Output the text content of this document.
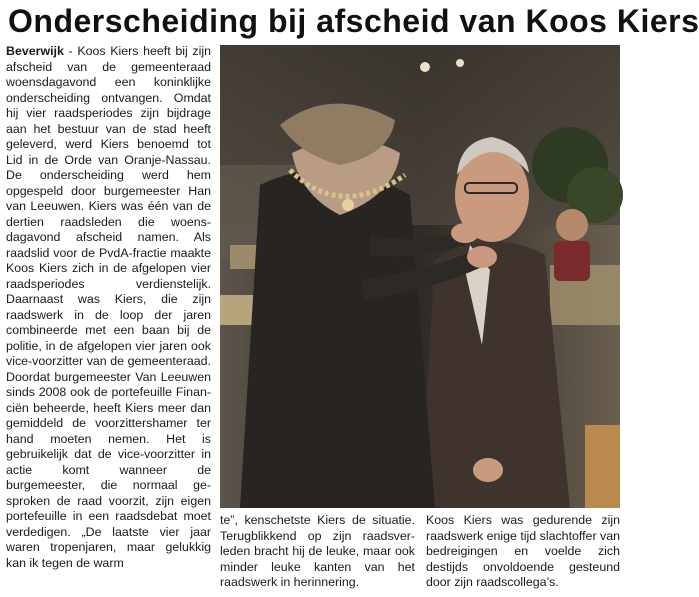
Onderscheiding bij afscheid van Koos Kiers

Beverwijk - Koos Kiers heeft bij zijn afscheid van de gemeenteraad woensdagavond een koninklijke onderscheiding ontvangen. Omdat hij vier raadsperiodes zijn bijdrage aan het bestuur van de stad heeft geleverd, werd Kiers benoemd tot Lid in de Orde van Oranje-Nassau. De onderscheiding werd hem opgespeld door burgemeester Han van Leeuwen. Kiers was één van de dertien raadsleden die woensdagavond afscheid namen. Als raadslid voor de PvdA-fractie maakte Koos Kiers zich in de afgelopen vier raadsperiodes verdienstelijk. Daarnaast was Kiers, die zijn raadswerk in de loop der jaren combineerde met een baan bij de politie, in de afgelopen vier jaren ook vice-voorzitter van de gemeenteraad. Doordat burgemeester Van Leeuwen sinds 2008 ook de portefeuille Financiën beheerde, heeft Kiers meer dan gemiddeld de voorzittershamer ter hand moeten nemen. Het is gebruikelijk dat de vice-voorzitter in actie komt wanneer de burgemeester, die normaal gesproken de raad voorzit, zijn eigen portefeuille in een raadsdebat moet verdedigen. „De laatste vier jaar waren tropenjaren, maar gelukkig kan ik tegen de warm

te”, kenschetste Kiers de situatie. Terugblikkend op zijn raadsverleden bracht hij de leuke, maar ook minder leuke kanten van het raadswerk in herinnering.

Koos Kiers was gedurende zijn raadswerk enige tijd slachtoffer van bedreigingen en voelde zich destijds onvoldoende gesteund door zijn raadscollega’s.
